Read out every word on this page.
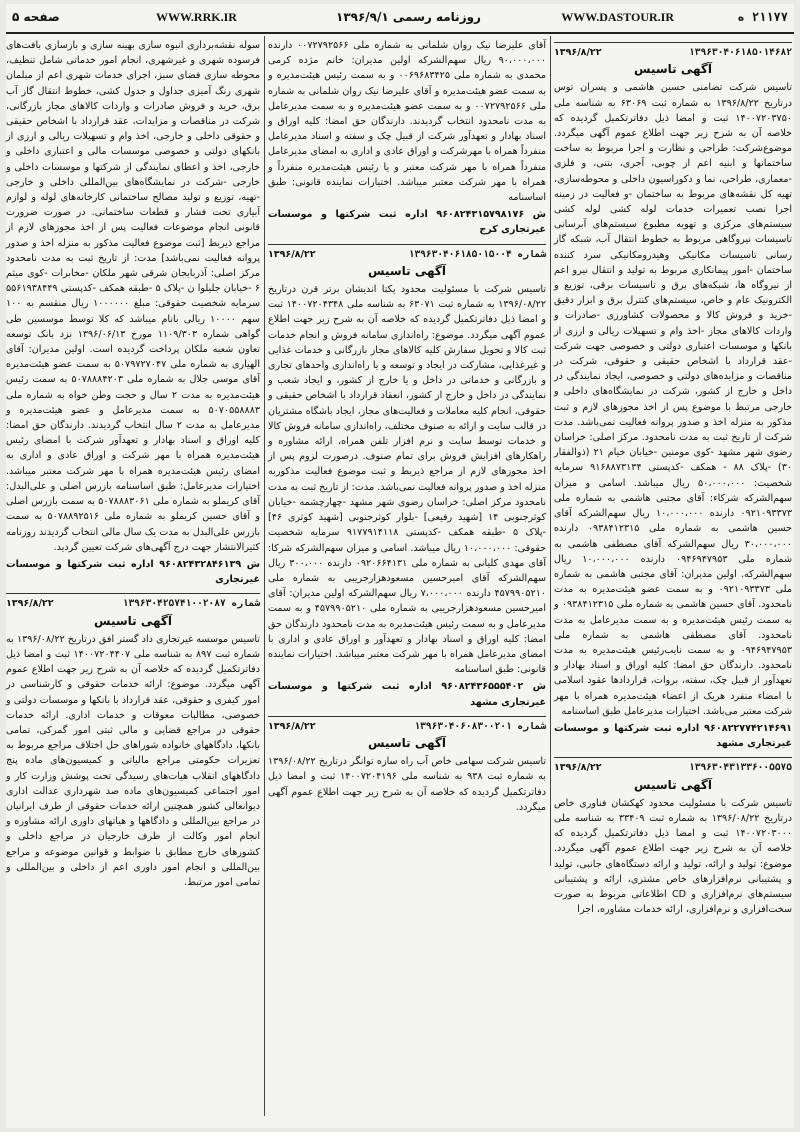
۲۱۱۷۷ ه
WWW.DASTOUR.IR
روزنامه رسمی ۱۳۹۶/۹/۱
WWW.RRK.IR
صفحه ۵
۱۳۹۶۳۰۴۰۶۱۸۵۰۱۴۶۸۲
۱۳۹۶/۸/۲۲
آگهی تاسیس

تاسیس شرکت تضامنی حسین هاشمی و پسران توس درتاریخ ۱۳۹۶/۸/۲۲ به شماره ثبت ۶۳۰۶۹ به شناسه ملی ۱۴۰۰۷۲۰۳۷۵۰ ثبت و امضا ذیل دفاترتکمیل گردیده که خلاصه آن به شرح زیر جهت اطلاع عموم آگهی میگردد. موضوع‌شرکت: طراحی و نظارت و اجرا مربوط به ساخت ساختمانها و ابنیه اعم از چوبی، آجری، بتنی، و فلزی -معماری، طراحی، نما و دکوراسیون داخلی و محوطه‌سازی، تهیه کل نقشه‌های مربوط به ساختمان -و فعالیت در زمینه اجرا نصب تعمیرات خدمات لوله کشی لوله کشی سیستم‌های مرکزی و تهویه مطبوع سیستم‌های آبرسانی تاسیسات نیروگاهی مربوط به خطوط انتقال آب، شبکه گاز رسانی تاسیسات مکانیکی وهیدرومکانیکی سرد کننده ساختمان -امور پیمانکاری مربوط به تولید و انتقال نیرو اعم از نیروگاه ها، شبکه‌های برق و تاسیسات برقی، توزیع و الکترونیک عام و خاص، سیستم‌های کنترل برق و ابزار دقیق -خرید و فروش کالا و محصولات کشاورزی -صادرات و واردات کالاهای مجاز -اخذ وام و تسهیلات ریالی و ارزی از بانکها و موسسات اعتباری دولتی و خصوصی جهت شرکت -عقد قرارداد با اشخاص حقیقی و حقوقی، شرکت در مناقصات و مزایده‌های دولتی و خصوصی، ایجاد نمایندگی در داخل و خارج از کشور، شرکت در نمایشگاه‌های داخلی و خارجی مرتبط با موضوع پس از اخذ مجوزهای لازم و ثبت مذکور به منزله اخذ و صدور پروانه فعالیت نمی‌باشد. مدت شرکت از تاریخ ثبت به مدت نامحدود. مرکز اصلی: خراسان رضوی شهر مشهد -کوی مومنین -خیابان خیام ۲۱ (ذوالفقار ۳۰) -پلاک ۸۸ - همکف -کدپستی ۹۱۶۸۸۷۳۱۳۴ سرمایه شخصیت: ۵۰،۰۰۰،۰۰۰ ریال میباشد. اسامی و میزان سهم‌الشرکه شرکاء: آقای مجتبی هاشمی به شماره ملی ۰۹۲۱۰۹۳۳۷۳ دارنده ۱۰،۰۰۰،۰۰۰ ریال سهم‌الشرکه آقای حسین هاشمی به شماره ملی ۰۹۳۸۴۱۲۳۱۵ دارنده ۳۰،۰۰۰،۰۰۰ ریال سهم‌الشرکه آقای مصطفی هاشمی به شماره ملی ۰۹۴۶۹۴۷۹۵۳ دارنده ۱۰،۰۰۰،۰۰۰ ریال سهم‌الشرکه. اولین مدیران: آقای مجتبی هاشمی به شماره ملی ۰۹۲۱۰۹۳۳۷۳ و به سمت عضو هیئت‌مدیره به مدت نامحدود. آقای حسین هاشمی به شماره ملی ۰۹۳۸۴۱۲۳۱۵ و به سمت رئیس هیئت‌مدیره و به سمت مدیرعامل به مدت نامحدود. آقای مصطفی هاشمی به شماره ملی ۰۹۴۶۹۴۷۹۵۳ و به سمت نایب‌رئیس هیئت‌مدیره به مدت نامحدود. دارندگان حق امضا: کلیه اوراق و اسناد بهادار و تعهدآور از قبیل چک، سفته، بروات، قراردادها عقود اسلامی با امضاء منفرد هریک از اعضاء هیئت‌مدیره همراه با مهر شرکت معتبر می‌باشد. اختیارات مدیرعامل طبق اساسنامه

۹۶۰۸۲۲۷۷۴۲۱۴۶۹۱ اداره ثبت شرکتها و موسسات غیرتجاری مشهد
۱۳۹۶۳۰۴۳۱۳۳۶۰۰۵۵۷۵
۱۳۹۶/۸/۲۲
آگهی تاسیس

تاسیس شرکت با مسئولیت محدود کهکشان فناوری خاص درتاریخ ۱۳۹۶/۰۸/۲۲ به شماره ثبت ۳۳۴۰۹ به شناسه ملی ۱۴۰۰۷۲۰۳۰۰۰ ثبت و امضا ذیل دفاترتکمیل گردیده که خلاصه آن به شرح زیر جهت اطلاع عموم آگهی میگردد. موضوع: تولید و ارائه، تولید و ارائه دستگاه‌های جانبی، تولید و پشتیبانی نرم‌افزارهای خاص مشتری، ارائه و پشتیبانی سیستم‌های نرم‌افزاری و CD اطلاعاتی مربوط به صورت سخت‌افزاری و نرم‌افزاری، ارائه خدمات مشاوره، اجرا

آقای علیرضا نیک روان شلمانی به شماره ملی ۰۰۷۲۷۹۲۵۶۶ دارنده ۹۰،۰۰۰،۰۰۰ ریال سهم‌الشرکه اولین مدیران: خانم مژده کرمی محمدی به شماره ملی ۰۰۶۹۶۸۳۴۲۵ و به سمت رئیس هیئت‌مدیره و به سمت عضو هیئت‌مدیره و آقای علیرضا نیک روان شلمانی به شماره ملی ۰۰۷۲۷۹۲۵۶۶ و به سمت عضو هیئت‌مدیره و به سمت مدیرعامل به مدت نامحدود انتخاب گردیدند. دارندگان حق امضا: کلیه اوراق و اسناد بهادار و تعهدآور شرکت از قبیل چک و سفته و اسناد مدیرعامل منفرداً همراه با مهرشرکت و اوراق عادی و اداری به امضای مدیرعامل منفرداً همراه با مهر شرکت معتبر و یا رئیس هیئت‌مدیره منفرداً و همراه با مهر شرکت معتبر میباشد. اختیارات نماینده قانونی: طبق اساسنامه

ش ۹۶۰۸۲۴۳۱۵۷۹۸۱۷۶ اداره ثبت شرکتها و موسسات غیرتجاری کرج
شماره ۱۳۹۶۳۰۴۰۶۱۸۵۰۱۵۰۰۴
۱۳۹۶/۸/۲۲
آگهی تاسیس

تاسیس شرکت با مسئولیت محدود یکتا اندیشان برتر قرن درتاریخ ۱۳۹۶/۰۸/۲۲ به شماره ثبت ۶۳۰۷۱ به شناسه ملی ۱۴۰۰۷۲۰۴۳۴۸ ثبت و امضا ذیل دفاترتکمیل گردیده که خلاصه آن به شرح زیر جهت اطلاع عموم آگهی میگردد. موضوع: راه‌اندازی سامانه فروش و انجام خدمات ثبت کالا و تحویل سفارش کلیه کالاهای مجاز بازرگانی و خدمات غذایی و غیرغذایی، مشارکت در ایجاد و توسعه و یا راه‌اندازی واحدهای تجاری و بازرگانی و خدماتی در داخل و یا خارج از کشور، و ایجاد شعب و نمایندگی در داخل و خارج از کشور، انعقاد قرارداد با اشخاص حقیقی و حقوقی، انجام کلیه معاملات و فعالیت‌های مجاز، ایجاد باشگاه مشتریان در قالب سایت و ارائه به صنوف مختلف، راه‌اندازی سامانه فروش کالا و خدمات توسط سایت و نرم افزار تلفن همراه، ارائه مشاوره و راهکارهای افزایش فروش برای تمام صنوف. درصورت لزوم پس از اخذ مجوزهای لازم از مراجع ذیربط و ثبت موضوع فعالیت مذکوربه منزله اخذ و صدور پروانه فعالیت نمی‌باشد. مدت: از تاریخ ثبت به مدت نامحدود مرکز اصلی: خراسان رضوی شهر مشهد -چهارچشمه -خیابان کوثرجنوبی ۱۴ [شهید رفیعی] -بلوار کوثرجنوبی [شهید کوثری ۴۶] -پلاک ۵ -طبقه همکف -کدپستی ۹۱۷۷۹۱۴۱۱۸ سرمایه شخصیت حقوقی: ۱۰،۰۰۰،۰۰۰ ریال میباشد. اسامی و میزان سهم‌الشرکه شرکا: آقای مهدی کلیانی به شماره ملی ۰۹۲۰۶۶۴۱۳۱ دارنده ۳۰۰،۰۰۰ ریال سهم‌الشرکه آقای امیرحسین مسعودهزارجریبی به شماره ملی ۴۵۷۹۹۰۵۲۱۰ دارنده ۷،۰۰۰،۰۰۰ ریال سهم‌الشرکه اولین مدیران: آقای امیرحسین مسعودهزارجریبی به شماره ملی ۴۵۷۹۹۰۵۲۱۰ و به سمت مدیرعامل و به سمت رئیس هیئت‌مدیره به مدت نامحدود دارندگان حق امضا: کلیه اوراق و اسناد بهادار و تعهدآور و اوراق عادی و اداری با امضای مدیرعامل همراه با مهر شرکت معتبر میباشد. اختیارات نماینده قانونی: طبق اساسنامه

ش ۹۶۰۸۲۴۳۶۵۵۵۴۰۲ اداره ثبت شرکتها و موسسات غیرتجاری مشهد
شماره ۱۳۹۶۳۰۴۰۶۰۸۳۰۰۲۰۱
۱۳۹۶/۸/۲۲
آگهی تاسیس

تاسیس شرکت سهامی خاص آب راه سازه توانگر درتاریخ ۱۳۹۶/۰۸/۲۲ به شماره ثبت ۹۳۸ به شناسه ملی ۱۴۰۰۷۲۰۴۱۹۶ ثبت و امضا ذیل دفاترتکمیل گردیده که خلاصه آن به شرح زیر جهت اطلاع عموم آگهی میگردد.

سوله نقشه‌برداری انبوه سازی بهینه سازی و بازسازی بافت‌های فرسوده شهری و غیرشهری، انجام امور خدماتی شامل تنظیف، محوطه سازی فضای سبز، اجرای خدمات شهری اعم از مبلمان شهری رنگ آمیزی جداول و جدول کشی، خطوط انتقال گاز آب برق، خرید و فروش صادرات و واردات کالاهای مجاز بازرگانی، شرکت در مناقصات و مزایدات، عقد قرارداد با اشخاص حقیقی و حقوقی داخلی و خارجی، اخذ وام و تسهیلات ریالی و ارزی از بانکهای دولتی و خصوصی موسسات مالی و اعتباری داخلی و خارجی، اخذ و اعطای نمایندگی از شرکتها و موسسات داخلی و خارجی -شرکت در نمایشگاه‌های بین‌المللی داخلی و خارجی -تهیه، توزیع و تولید مصالح ساختمانی کارخانه‌های لوله و لوازم آبیاری تحت فشار و قطعات ساختمانی. در صورت ضرورت قانونی انجام موضوعات فعالیت پس از اخذ مجوزهای لازم از مراجع ذیربط [ثبت موضوع فعالیت مذکور به منزله اخذ و صدور پروانه فعالیت نمی‌باشد] مدت: از تاریخ ثبت به مدت نامحدود مرکز اصلی: آذربایجان شرقی شهر ملکان -مخابرات -کوی میثم ۶ -خیابان جلیلوا ن -پلاک ۵ -طبقه همکف -کدپستی ۵۵۶۱۹۳۸۴۴۹ سرمایه شخصیت حقوقی: مبلغ ۱۰۰۰۰۰۰ ریال منقسم به ۱۰۰ سهم ۱۰۰۰۰ ریالی بانام میباشد که کلا توسط موسسین طی گواهی شماره ۱۱۰۹/۳۰۳ مورخ ۱۳۹۶/۰۶/۱۳ نزد بانک توسعه تعاون شعبه ملکان پرداخت گردیده است. اولین مدیران: آقای الهیاری به شماره ملی ۵۰۷۹۷۲۷۰۴۷ به سمت عضو هیئت‌مدیره آقای موسی جلال به شماره ملی ۵۰۷۸۸۸۴۲۰۳ به سمت رئیس هیئت‌مدیره به مدت ۲ سال و حجت وطن خواه به شماره ملی ۵۰۷۰۵۵۸۸۸۳ به سمت مدیرعامل و عضو هیئت‌مدیره و مدیرعامل به مدت ۲ سال انتخاب گردیدند. دارندگان حق امضا: کلیه اوراق و اسناد بهادار و تعهدآور شرکت با امضای رئیس هیئت‌مدیره همراه با مهر شرکت و اوراق عادی و اداری به امضای رئیس هیئت‌مدیره همراه با مهر شرکت معتبر میباشد. اختیارات مدیرعامل: طبق اساسنامه بازرس اصلی و علی‌البدل: آقای کریملو به شماره ملی ۵۰۷۸۸۸۳۰۶۱ به سمت بازرس اصلی و آقای حسین کریملو به شماره ملی ۵۰۷۸۸۹۲۵۱۶ به سمت بازرس علی‌البدل به مدت یک سال مالی انتخاب گردیدند روزنامه کثیرالانتشار جهت درج آگهی‌های شرکت تعیین گردید.

ش ۹۶۰۸۲۴۳۲۸۴۶۱۳۹ اداره ثبت شرکتها و موسسات غیرتجاری
شماره ۱۳۹۶۳۰۴۲۵۷۴۱۰۰۲۰۸۷
۱۳۹۶/۸/۲۲
آگهی تاسیس

تاسیس موسسه غیرتجاری داد گستر افق درتاریخ ۱۳۹۶/۰۸/۲۲ به شماره ثبت ۸۹۷ به شناسه ملی ۱۴۰۰۷۲۰۴۴۰۷ ثبت و امضا ذیل دفاترتکمیل گردیده که خلاصه آن به شرح زیر جهت اطلاع عموم آگهی میگردد. موضوع: ارائه خدمات حقوقی و کارشناسی در امور کیفری و حقوقی، عقد قرارداد با بانکها و موسسات دولتی و خصوصی، مطالبات معوقات و خدمات اداری. ارائه خدمات حقوقی در مراجع قضایی و مالی ثبتی امور گمرکی، تمامی بانکها، دادگاههای خانواده شوراهای حل اختلاف مراجع مربوط به تعزیرات حکومتی مراجع مالیاتی و کمیسیون‌های ماده پنج دادگاههای انقلاب هیات‌های رسیدگی تحت پوشش وزارت کار و امور اجتماعی کمیسیون‌های ماده صد شهرداری عدالت اداری دیوانعالی کشور همچنین ارائه خدمات حقوقی از طرف ایرانیان در مراجع بین‌المللی و دادگاهها و هیاتهای داوری ارائه مشاوره و انجام امور وکالت از طرف خارجیان در مراجع داخلی و کشورهای خارج مطابق با ضوابط و قوانین موضوعه و مراجع بین‌المللی و انجام امور داوری اعم از داخلی و بین‌المللی و تمامی امور مرتبط.
